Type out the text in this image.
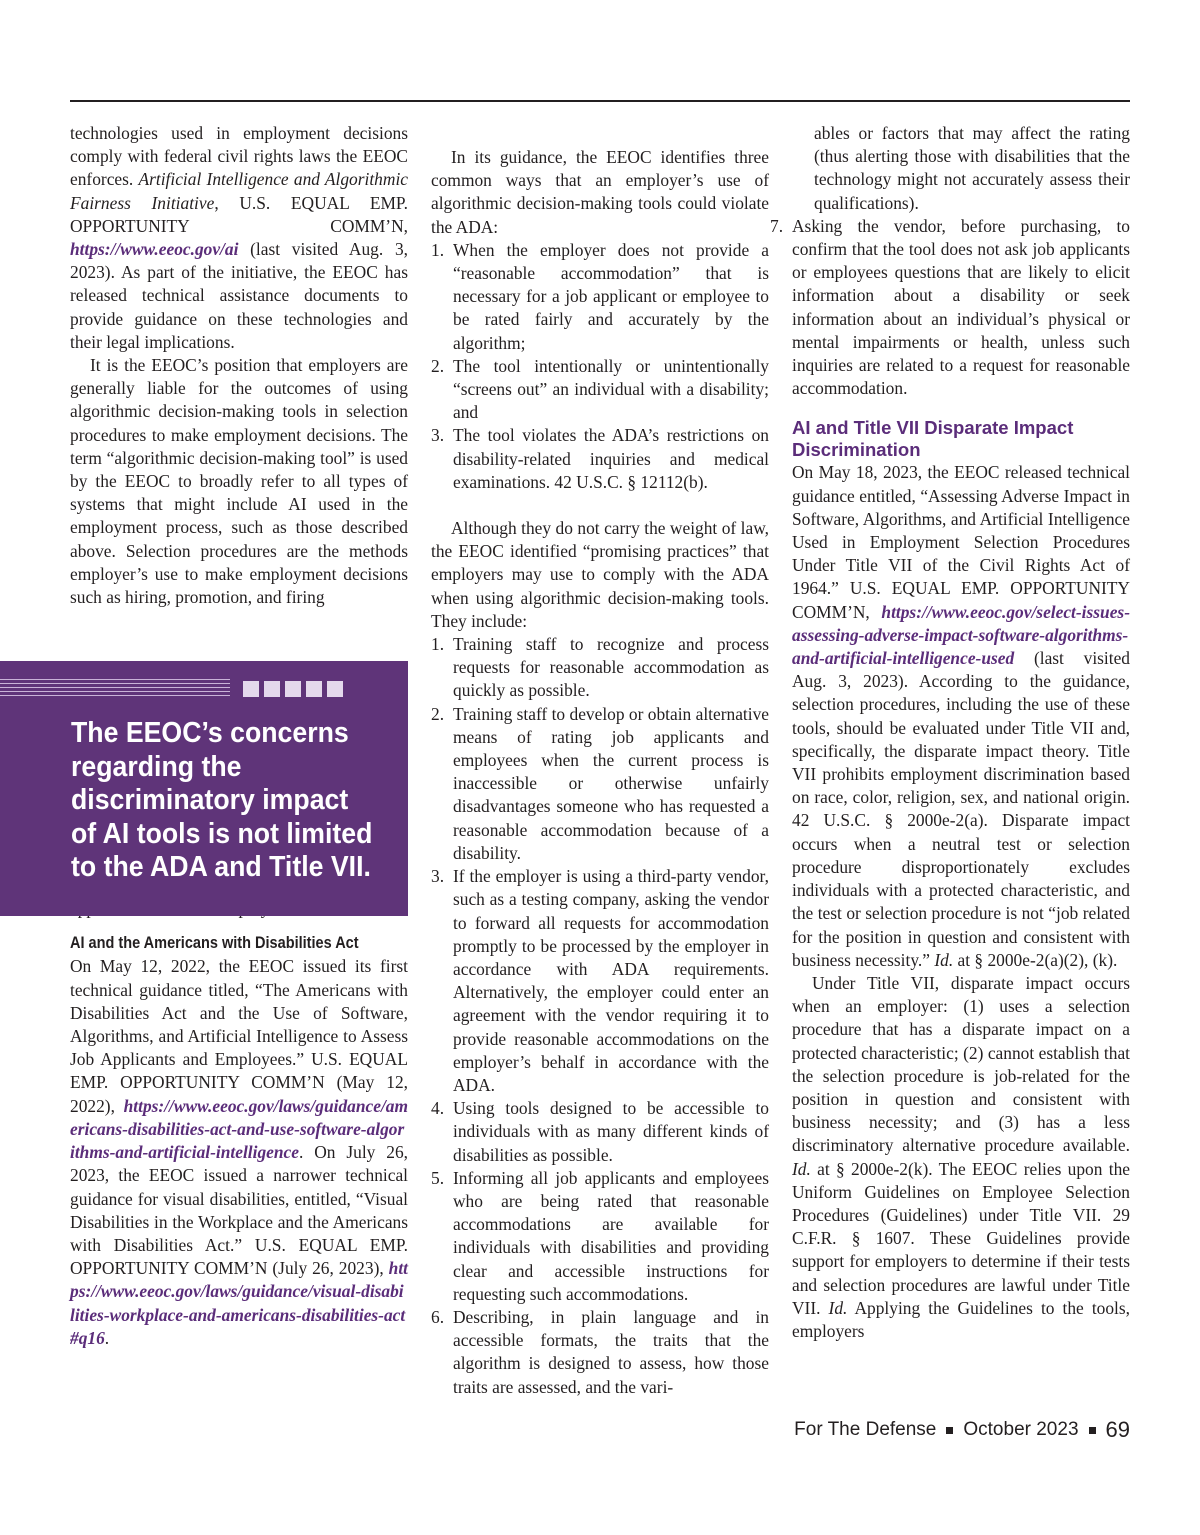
technologies used in employment decisions comply with federal civil rights laws the EEOC enforces. Artificial Intelligence and Algorithmic Fairness Initiative, U.S. EQUAL EMP. OPPORTUNITY COMM’N, https://www.eeoc.gov/ai (last visited Aug. 3, 2023). As part of the initiative, the EEOC has released technical assistance documents to provide guidance on these technologies and their legal implications.

It is the EEOC’s position that employers are generally liable for the outcomes of using algorithmic decision-making tools in selection procedures to make employment decisions. The term “algorithmic decision-making tool” is used by the EEOC to broadly refer to all types of systems that might include AI used in the employment process, such as those described above. Selection procedures are the methods employer’s use to make employment decisions such as hiring, promotion, and firing

AI and the Americans with Disabilities Act

On May 12, 2022, the EEOC issued its first technical guidance titled, “The Americans with Disabilities Act and the Use of Software, Algorithms, and Artificial Intelligence to Assess Job Applicants and Employees.” U.S. EQUAL EMP. OPPORTUNITY COMM’N (May 12, 2022), https://www.eeoc.gov/laws/guidance/americans-disabilities-act-and-use-software-algorithms-and-artificial-intelligence. On July 26, 2023, the EEOC issued a narrower technical guidance for visual disabilities, entitled, “Visual Disabilities in the Workplace and the Americans with Disabilities Act.” U.S. EQUAL EMP. OPPORTUNITY COMM’N (July 26, 2023), https://www.eeoc.gov/laws/guidance/visual-disabilities-workplace-and-americans-disabilities-act#q16.

The EEOC’s concerns
regarding the
discriminatory impact
of AI tools is not limited
to the ADA and Title VII.

In its guidance, the EEOC identifies three common ways that an employer’s use of algorithmic decision-making tools could violate the ADA:

1. When the employer does not provide a “reasonable accommodation” that is necessary for a job applicant or employee to be rated fairly and accurately by the algorithm;
2. The tool intentionally or unintentionally “screens out” an individual with a disability; and
3. The tool violates the ADA’s restrictions on disability-related inquiries and medical examinations. 42 U.S.C. § 12112(b).

Although they do not carry the weight of law, the EEOC identified “promising practices” that employers may use to comply with the ADA when using algorithmic decision-making tools. They include:

1. Training staff to recognize and process requests for reasonable accommodation as quickly as possible.
2. Training staff to develop or obtain alternative means of rating job applicants and employees when the current process is inaccessible or otherwise unfairly disadvantages someone who has requested a reasonable accommodation because of a disability.
3. If the employer is using a third-party vendor, such as a testing company, asking the vendor to forward all requests for accommodation promptly to be processed by the employer in accordance with ADA requirements. Alternatively, the employer could enter an agreement with the vendor requiring it to provide reasonable accommodations on the employer’s behalf in accordance with the ADA.
4. Using tools designed to be accessible to individuals with as many different kinds of disabilities as possible.
5. Informing all job applicants and employees who are being rated that reasonable accommodations are available for individuals with disabilities and providing clear and accessible instructions for requesting such accommodations.
6. Describing, in plain language and in accessible formats, the traits that the algorithm is designed to assess, how those traits are assessed, and the vari-
ables or factors that may affect the rating (thus alerting those with disabilities that the technology might not accurately assess their qualifications).
7. Asking the vendor, before purchasing, to confirm that the tool does not ask job applicants or employees questions that are likely to elicit information about a disability or seek information about an individual’s physical or mental impairments or health, unless such inquiries are related to a request for reasonable accommodation.
AI and Title VII Disparate Impact Discrimination

On May 18, 2023, the EEOC released technical guidance entitled, “Assessing Adverse Impact in Software, Algorithms, and Artificial Intelligence Used in Employment Selection Procedures Under Title VII of the Civil Rights Act of 1964.” U.S. EQUAL EMP. OPPORTUNITY COMM’N, https://www.eeoc.gov/select-issues-assessing-adverse-impact-software-algorithms-and-artificial-intelligence-used (last visited Aug. 3, 2023). According to the guidance, selection procedures, including the use of these tools, should be evaluated under Title VII and, specifically, the disparate impact theory. Title VII prohibits employment discrimination based on race, color, religion, sex, and national origin. 42 U.S.C. § 2000e-2(a). Disparate impact occurs when a neutral test or selection procedure disproportionately excludes individuals with a protected characteristic, and the test or selection procedure is not “job related for the position in question and consistent with business necessity.” Id. at § 2000e-2(a)(2), (k).

Under Title VII, disparate impact occurs when an employer: (1) uses a selection procedure that has a disparate impact on a protected characteristic; (2) cannot establish that the selection procedure is job-related for the position in question and consistent with business necessity; and (3) has a less discriminatory alternative procedure available. Id. at § 2000e-2(k). The EEOC relies upon the Uniform Guidelines on Employee Selection Procedures (Guidelines) under Title VII. 29 C.F.R. § 1607. These Guidelines provide support for employers to determine if their tests and selection procedures are lawful under Title VII. Id. Applying the Guidelines to the tools, employers

For The Defense October 2023 69
